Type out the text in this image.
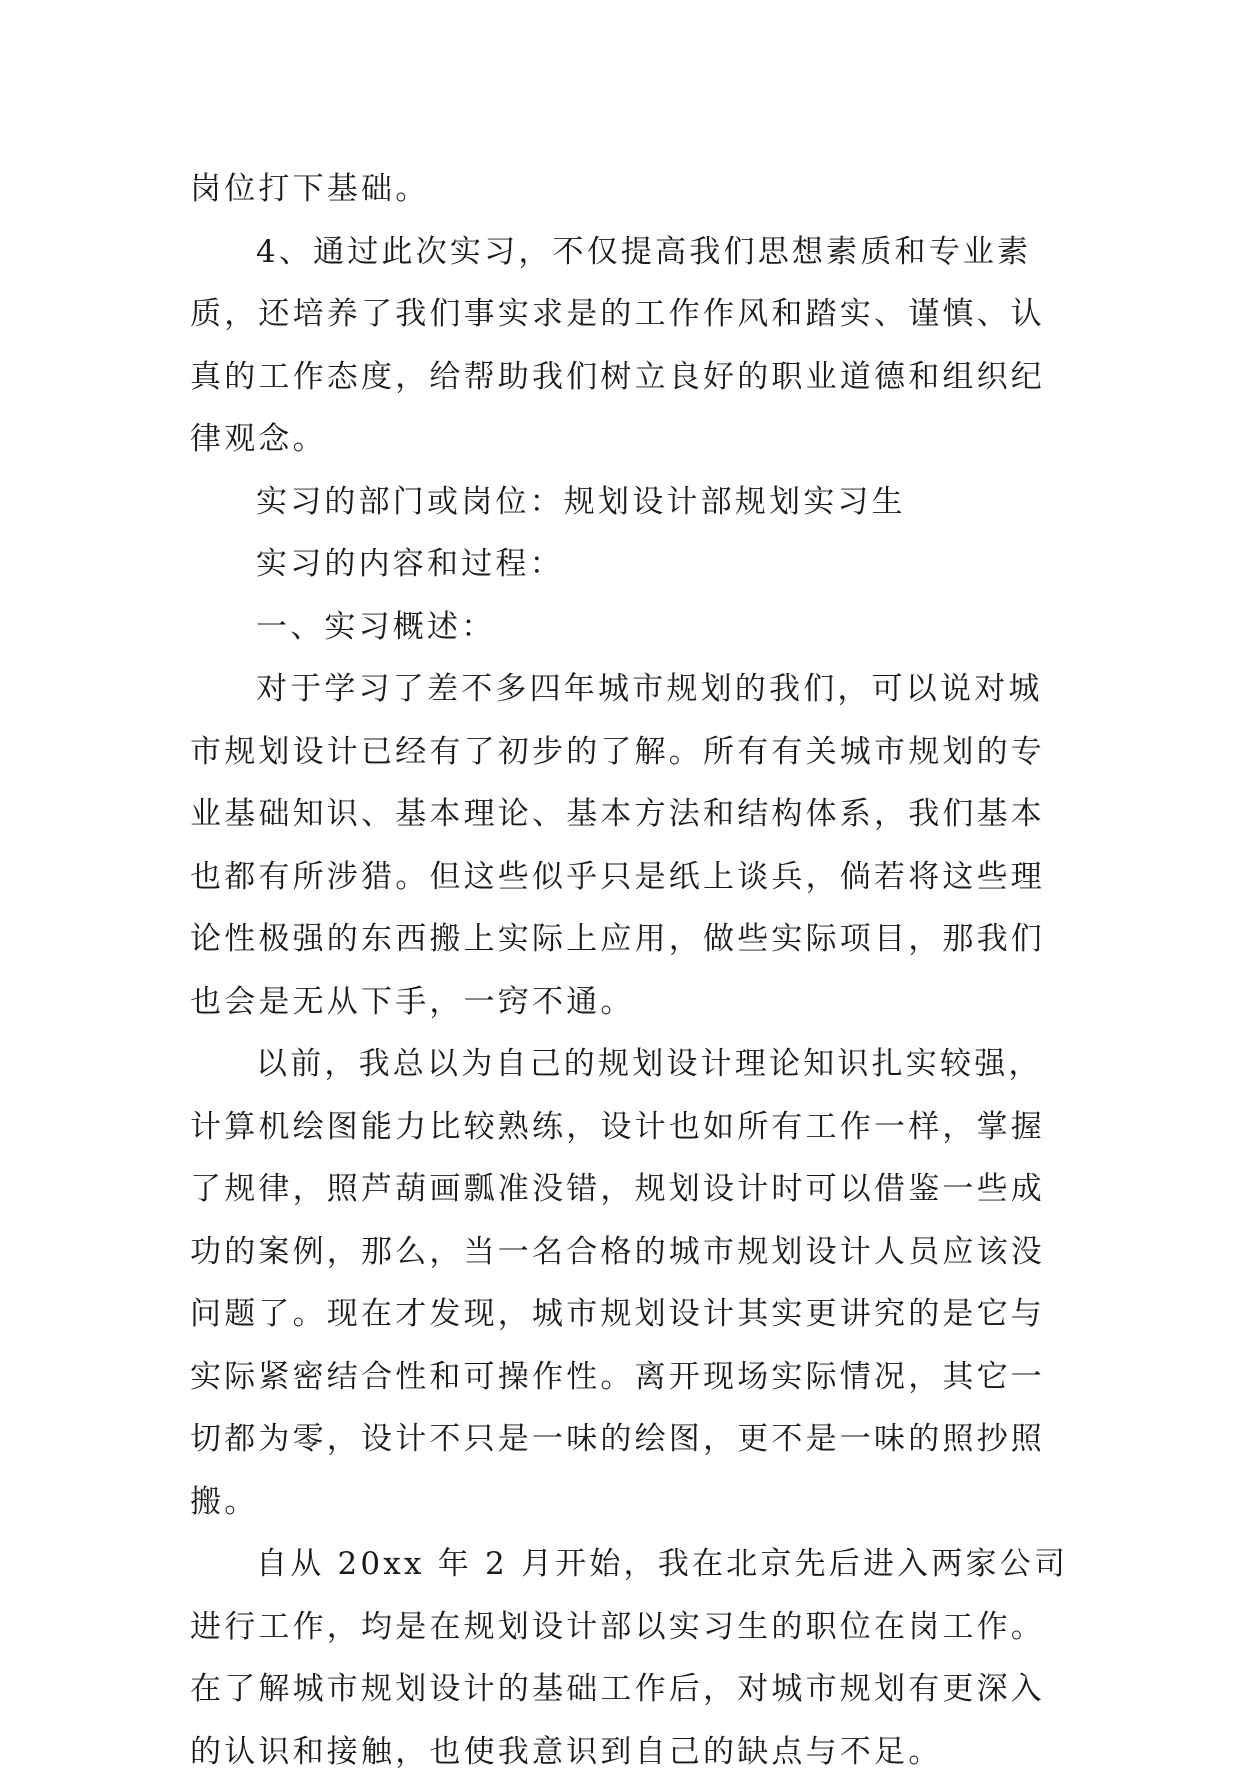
岗位打下基础。

4、通过此次实习，不仅提高我们思想素质和专业素质，还培养了我们事实求是的工作作风和踏实、谨慎、认真的工作态度，给帮助我们树立良好的职业道德和组织纪律观念。

实习的部门或岗位：规划设计部规划实习生

实习的内容和过程：

一、实习概述：

对于学习了差不多四年城市规划的我们，可以说对城市规划设计已经有了初步的了解。所有有关城市规划的专业基础知识、基本理论、基本方法和结构体系，我们基本也都有所涉猎。但这些似乎只是纸上谈兵，倘若将这些理论性极强的东西搬上实际上应用，做些实际项目，那我们也会是无从下手，一窍不通。

以前，我总以为自己的规划设计理论知识扎实较强，计算机绘图能力比较熟练，设计也如所有工作一样，掌握了规律，照芦葫画瓢准没错，规划设计时可以借鉴一些成功的案例，那么，当一名合格的城市规划设计人员应该没问题了。现在才发现，城市规划设计其实更讲究的是它与实际紧密结合性和可操作性。离开现场实际情况，其它一切都为零，设计不只是一味的绘图，更不是一味的照抄照搬。

自从 20xx 年 2 月开始，我在北京先后进入两家公司进行工作，均是在规划设计部以实习生的职位在岗工作。在了解城市规划设计的基础工作后，对城市规划有更深入的认识和接触，也使我意识到自己的缺点与不足。
